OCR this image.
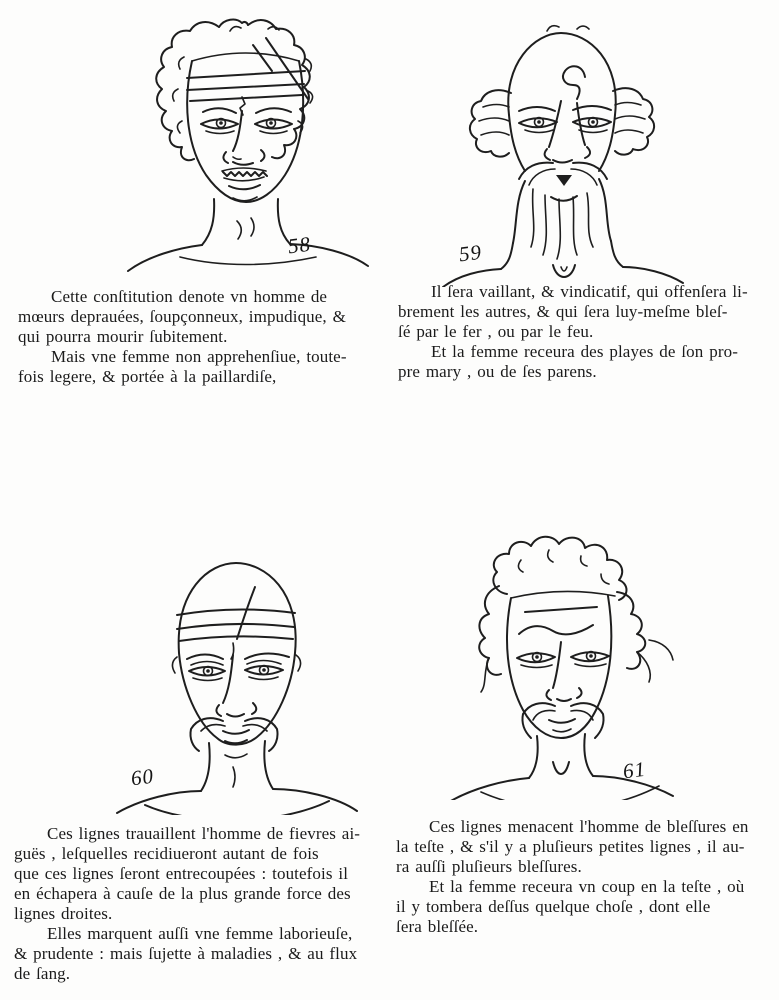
58	59
60	61
Cette conſtitution denote vn homme de
mœurs deprauées, ſoupçonneux, impudique, &
qui pourra mourir ſubitement.
Mais vne femme non apprehenſiue, toute-
fois legere, & portée à la paillardiſe,
Il ſera vaillant, & vindicatif, qui offenſera li-
brement les autres, & qui ſera luy-meſme bleſ-
ſé par le fer , ou par le feu.
Et la femme receura des playes de ſon pro-
pre mary , ou de ſes parens.
Ces lignes trauaillent l'homme de fievres ai-
guës , leſquelles recidiueront autant de fois
que ces lignes ſeront entrecoupées : toutefois il
en échapera à cauſe de la plus grande force des
lignes droites.
Elles marquent auſſi vne femme laborieuſe,
& prudente : mais ſujette à maladies , & au flux
de ſang.
Ces lignes menacent l'homme de bleſſures en
la teſte , & s'il y a pluſieurs petites lignes , il au-
ra auſſi pluſieurs bleſſures.
Et la femme receura vn coup en la teſte , où
il y tombera deſſus quelque choſe , dont elle
ſera bleſſée.
